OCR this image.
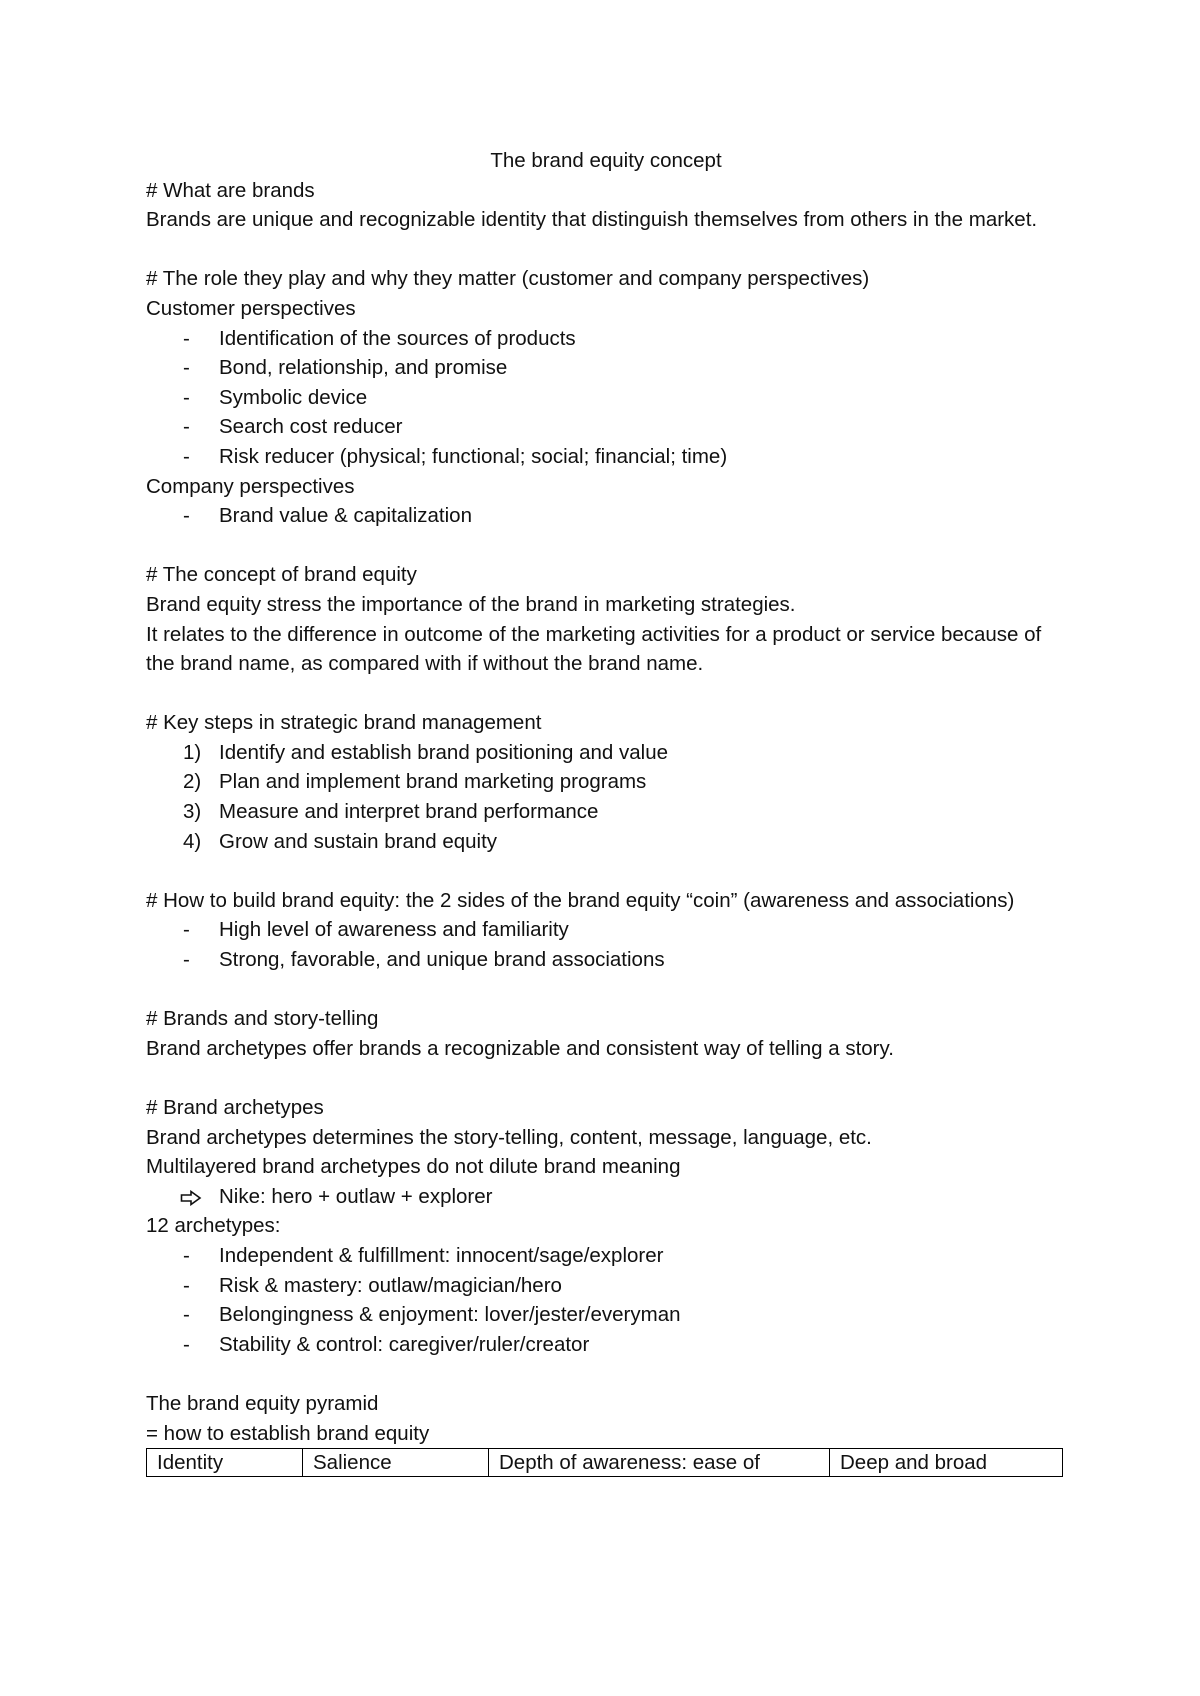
The brand equity concept

# What are brands

Brands are unique and recognizable identity that distinguish themselves from others in the market.

# The role they play and why they matter (customer and company perspectives)

Customer perspectives

- Identification of the sources of products

- Bond, relationship, and promise

- Symbolic device

- Search cost reducer

- Risk reducer (physical; functional; social; financial; time)

Company perspectives

- Brand value & capitalization

# The concept of brand equity

Brand equity stress the importance of the brand in marketing strategies.

It relates to the difference in outcome of the marketing activities for a product or service because of the brand name, as compared with if without the brand name.

# Key steps in strategic brand management

1) Identify and establish brand positioning and value

2) Plan and implement brand marketing programs

3) Measure and interpret brand performance

4) Grow and sustain brand equity

# How to build brand equity: the 2 sides of the brand equity “coin” (awareness and associations)

- High level of awareness and familiarity

- Strong, favorable, and unique brand associations

# Brands and story-telling

Brand archetypes offer brands a recognizable and consistent way of telling a story.

# Brand archetypes

Brand archetypes determines the story-telling, content, message, language, etc.

Multilayered brand archetypes do not dilute brand meaning

Nike: hero + outlaw + explorer

12 archetypes:

- Independent & fulfillment: innocent/sage/explorer

- Risk & mastery: outlaw/magician/hero

- Belongingness & enjoyment: lover/jester/everyman

- Stability & control: caregiver/ruler/creator

The brand equity pyramid

= how to establish brand equity

Identity	Salience	Depth of awareness: ease of	Deep and broad
